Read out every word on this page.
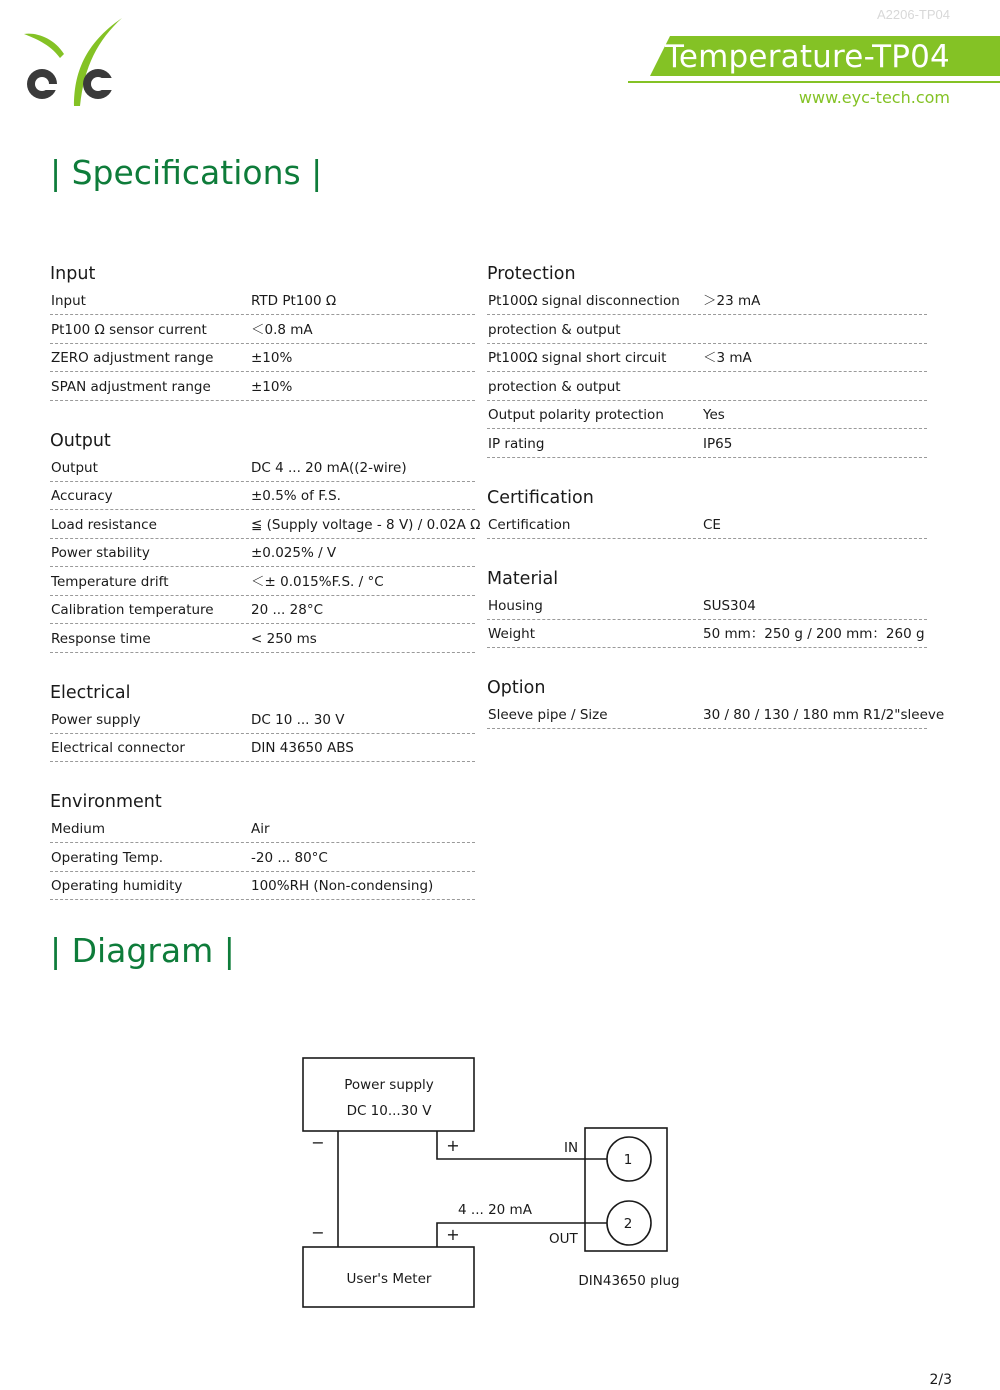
A2206-TP04
Temperature-TP04
www.eyc-tech.com
| Specifications |
Input
Input	RTD Pt100 Ω
Pt100 Ω sensor current	＜0.8 mA
ZERO adjustment range	±10%
SPAN adjustment range	±10%
Output
Output	DC 4 ... 20 mA((2-wire)
Accuracy	±0.5% of F.S.
Load resistance	≦ (Supply voltage - 8 V) / 0.02A Ω
Power stability	±0.025% / V
Temperature drift	＜± 0.015%F.S. / °C
Calibration temperature	20 ... 28°C
Response time	< 250 ms
Electrical
Power supply	DC 10 ... 30 V
Electrical connector	DIN 43650 ABS
Environment
Medium	Air
Operating Temp.	-20 ... 80°C
Operating humidity	100%RH (Non-condensing)
Protection
Pt100Ω signal disconnection	＞23 mA
protection & output
Pt100Ω signal short circuit	＜3 mA
protection & output
Output polarity protection	Yes
IP rating	IP65
Certification
Certification	CE
Material
Housing	SUS304
Weight	50 mm：250 g / 200 mm：260 g
Option
Sleeve pipe / Size	30 / 80 / 130 / 180 mm R1/2"sleeve
| Diagram |
Power supply
DC 10...30 V
User's Meter
−	+
−	+
IN
4 ... 20 mA
OUT
1
2
DIN43650 plug
2/3
